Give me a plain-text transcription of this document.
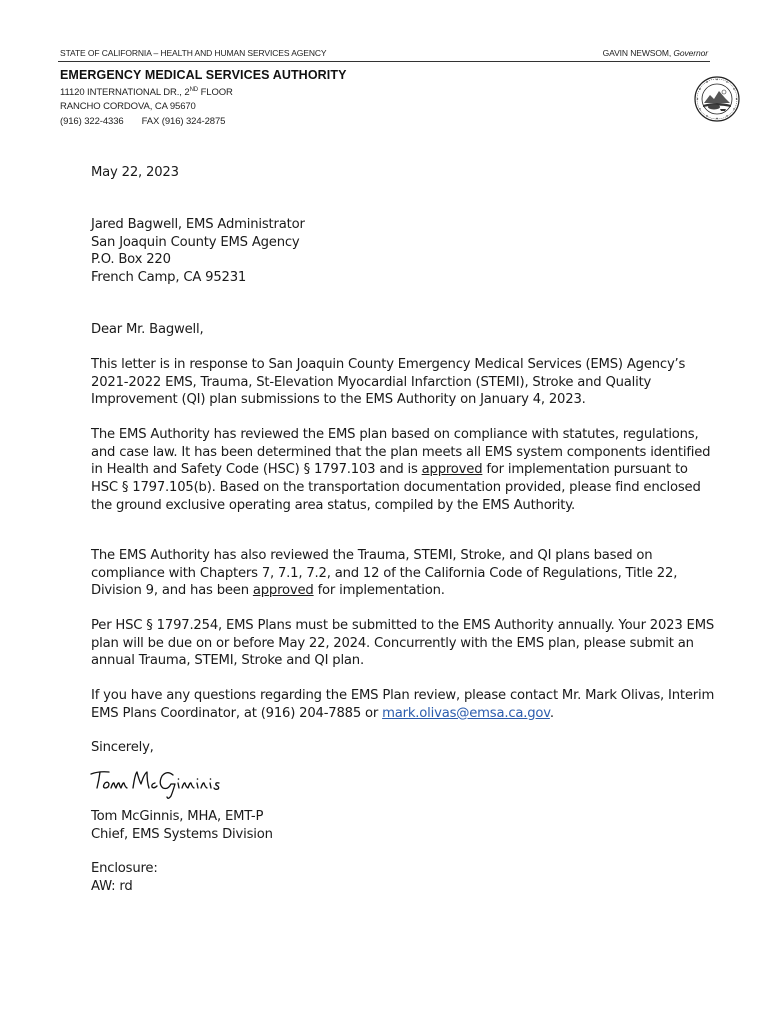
STATE OF CALIFORNIA – HEALTH AND HUMAN SERVICES AGENCY	GAVIN NEWSOM, Governor
EMERGENCY MEDICAL SERVICES AUTHORITY
11120 INTERNATIONAL DR., 2ND FLOOR
RANCHO CORDOVA, CA 95670
(916) 322-4336 FAX (916) 324-2875
May 22, 2023

Jared Bagwell, EMS Administrator

San Joaquin County EMS Agency

P.O. Box 220

French Camp, CA 95231

Dear Mr. Bagwell,
This letter is in response to San Joaquin County Emergency Medical Services (EMS) Agency’s 2021-2022 EMS, Trauma, St-Elevation Myocardial Infarction (STEMI), Stroke and Quality Improvement (QI) plan submissions to the EMS Authority on January 4, 2023.
The EMS Authority has reviewed the EMS plan based on compliance with statutes, regulations, and case law. It has been determined that the plan meets all EMS system components identified in Health and Safety Code (HSC) § 1797.103 and is approved for implementation pursuant to HSC § 1797.105(b). Based on the transportation documentation provided, please find enclosed the ground exclusive operating area status, compiled by the EMS Authority.
The EMS Authority has also reviewed the Trauma, STEMI, Stroke, and QI plans based on compliance with Chapters 7, 7.1, 7.2, and 12 of the California Code of Regulations, Title 22, Division 9, and has been approved for implementation.
Per HSC § 1797.254, EMS Plans must be submitted to the EMS Authority annually. Your 2023 EMS plan will be due on or before May 22, 2024. Concurrently with the EMS plan, please submit an annual Trauma, STEMI, Stroke and QI plan.
If you have any questions regarding the EMS Plan review, please contact Mr. Mark Olivas, Interim EMS Plans Coordinator, at (916) 204-7885 or mark.olivas@emsa.ca.gov.
Sincerely,

Tom McGinnis, MHA, EMT-P

Chief, EMS Systems Division

Enclosure:

AW: rd
